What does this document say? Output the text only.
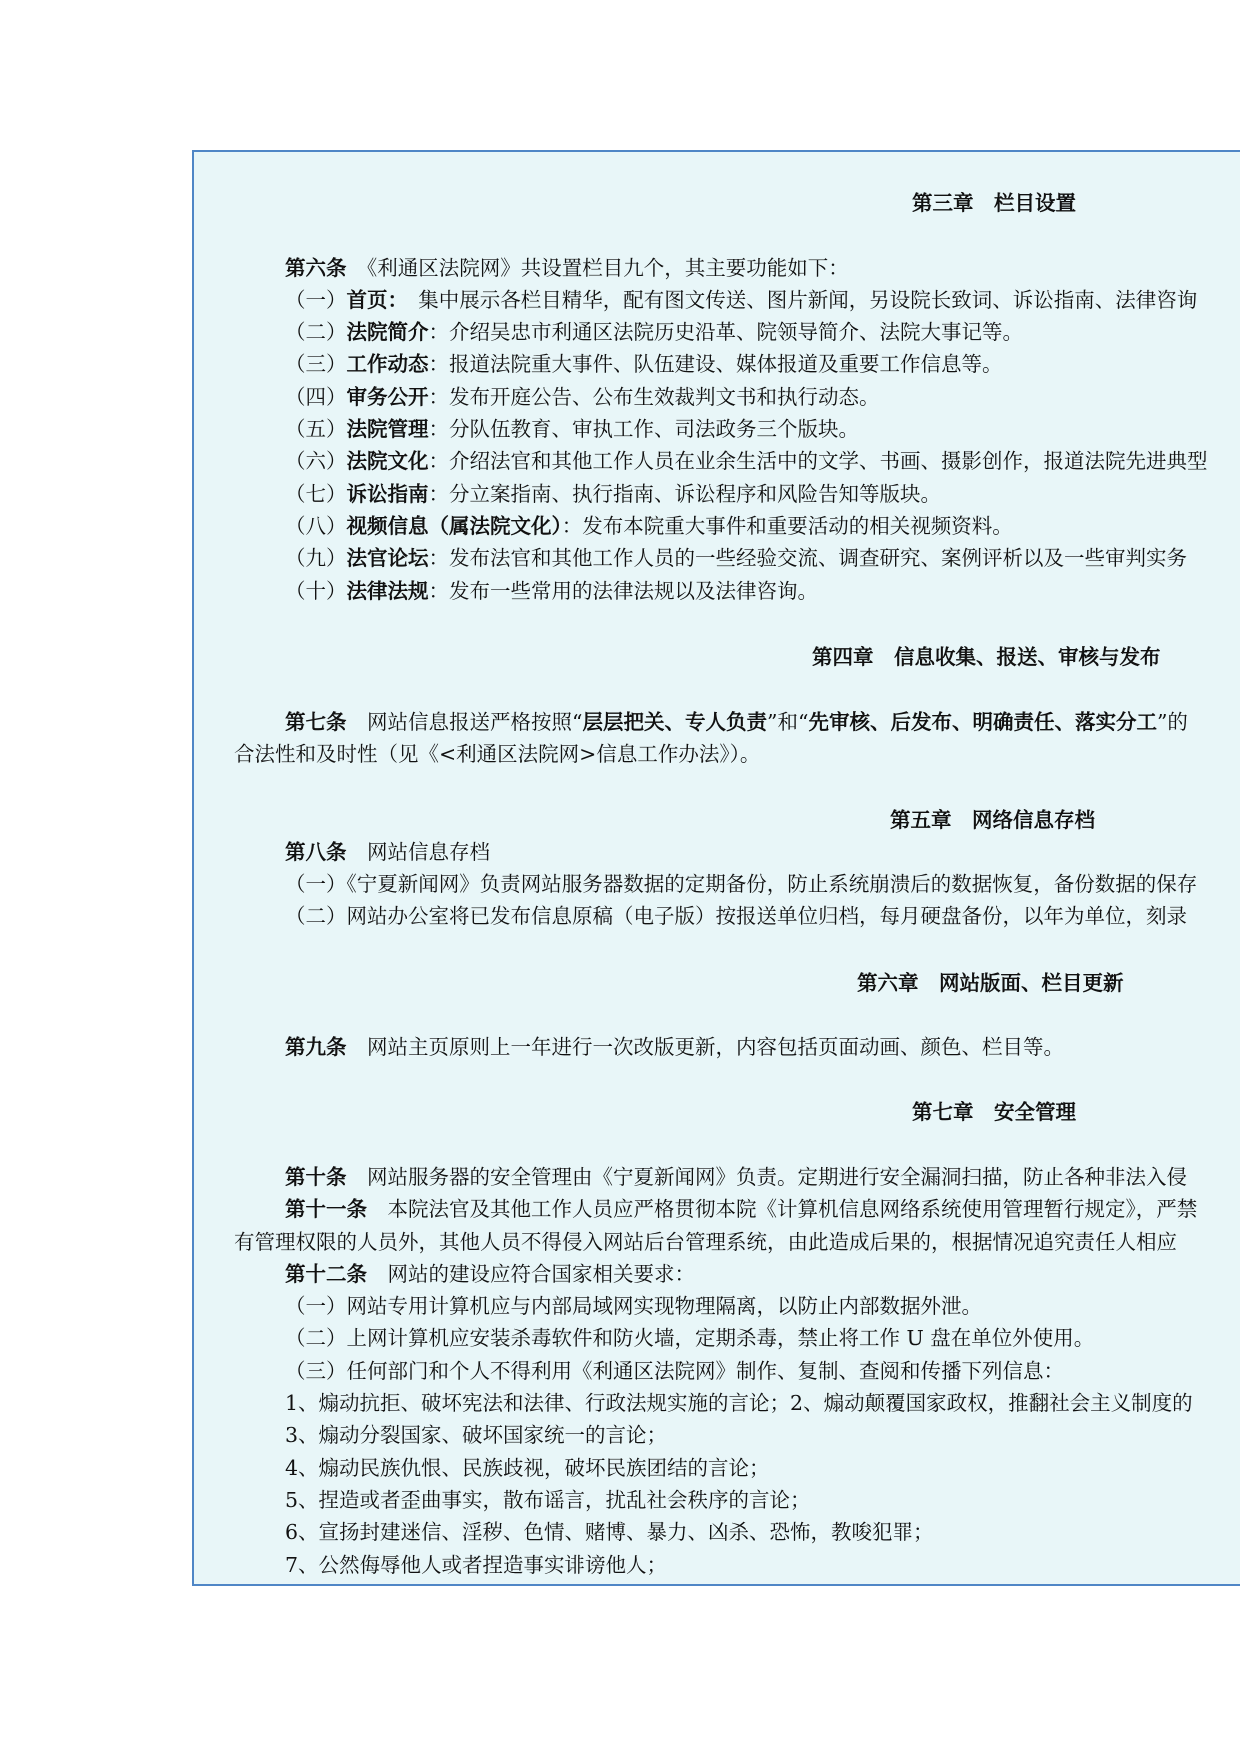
第三章　栏目设置
第六条　 《利通区法院网》共设置栏目九个，其主要功能如下：
（一）首页：　集中展示各栏目精华，配有图文传送、图片新闻，另设院长致词、诉讼指南、法律咨询
（二）法院简介：介绍吴忠市利通区法院历史沿革、院领导简介、法院大事记等。
（三）工作动态：报道法院重大事件、队伍建设、媒体报道及重要工作信息等。
（四）审务公开：发布开庭公告、公布生效裁判文书和执行动态。
（五）法院管理：分队伍教育、审执工作、司法政务三个版块。
（六）法院文化：介绍法官和其他工作人员在业余生活中的文学、书画、摄影创作，报道法院先进典型
（七）诉讼指南：分立案指南、执行指南、诉讼程序和风险告知等版块。
（八）视频信息（属法院文化）：发布本院重大事件和重要活动的相关视频资料。
（九）法官论坛：发布法官和其他工作人员的一些经验交流、调查研究、案例评析以及一些审判实务
（十）法律法规：发布一些常用的法律法规以及法律咨询。
第四章　信息收集、报送、审核与发布
第七条　 网站信息报送严格按照“层层把关、专人负责”和“先审核、后发布、明确责任、落实分工”的
合法性和及时性（见《<利通区法院网>信息工作办法》）。
第五章　网络信息存档
第八条　 网站信息存档
（一）《宁夏新闻网》负责网站服务器数据的定期备份，防止系统崩溃后的数据恢复，备份数据的保存
（二）网站办公室将已发布信息原稿（电子版）按报送单位归档，每月硬盘备份，以年为单位，刻录
第六章　网站版面、栏目更新
第九条　 网站主页原则上一年进行一次改版更新，内容包括页面动画、颜色、栏目等。
第七章　安全管理
第十条　 网站服务器的安全管理由《宁夏新闻网》负责。定期进行安全漏洞扫描，防止各种非法入侵
第十一条　 本院法官及其他工作人员应严格贯彻本院《计算机信息网络系统使用管理暂行规定》，严禁
有管理权限的人员外，其他人员不得侵入网站后台管理系统，由此造成后果的，根据情况追究责任人相应
第十二条　 网站的建设应符合国家相关要求：
（一）网站专用计算机应与内部局域网实现物理隔离，以防止内部数据外泄。
（二）上网计算机应安装杀毒软件和防火墙，定期杀毒，禁止将工作 U 盘在单位外使用。
（三）任何部门和个人不得利用《利通区法院网》制作、复制、查阅和传播下列信息：
1、煽动抗拒、破坏宪法和法律、行政法规实施的言论；2、煽动颠覆国家政权，推翻社会主义制度的
3、煽动分裂国家、破坏国家统一的言论；
4、煽动民族仇恨、民族歧视，破坏民族团结的言论；
5、捏造或者歪曲事实，散布谣言，扰乱社会秩序的言论；
6、宣扬封建迷信、淫秽、色情、赌博、暴力、凶杀、恐怖，教唆犯罪；
7、公然侮辱他人或者捏造事实诽谤他人；
